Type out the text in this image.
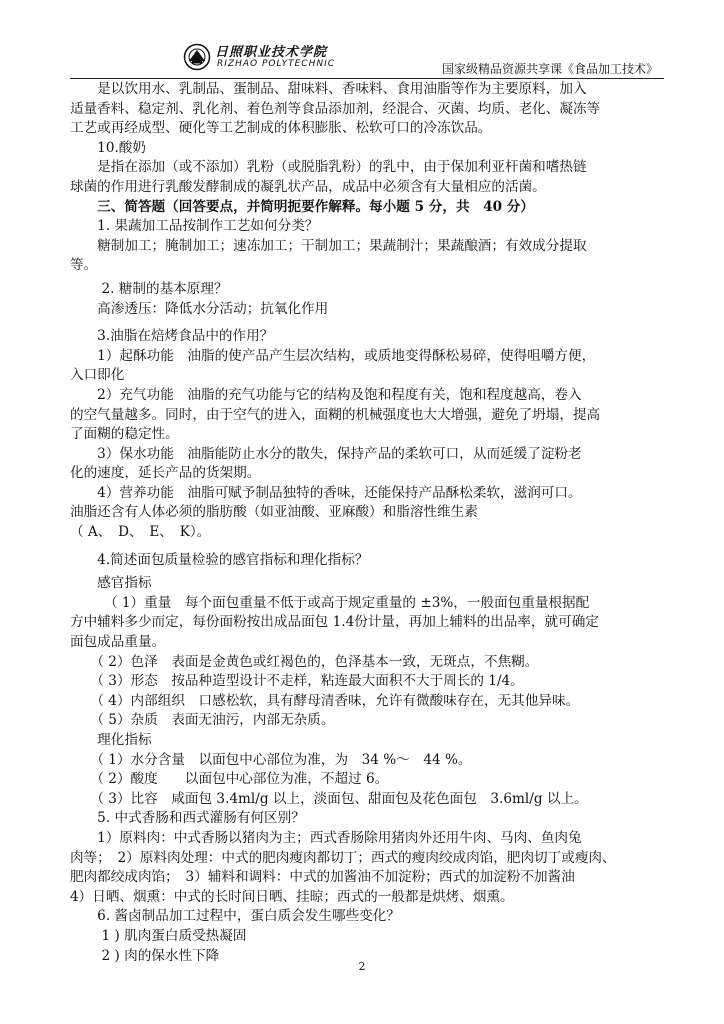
日照职业技术学院
RIZHAO POLYTECHNIC	国家级精品资源共享课《食品加工技术》

　　是以饮用水、乳制品、蛋制品、甜味料、香味料、食用油脂等作为主要原料，加入

适量香料、稳定剂、乳化剂、着色剂等食品添加剂，经混合、灭菌、均质、老化、凝冻等

工艺或再经成型、硬化等工艺制成的体积膨胀、松软可口的冷冻饮品。

　　10.酸奶

　　是指在添加（或不添加）乳粉（或脱脂乳粉）的乳中，由于保加利亚杆菌和嗜热链

球菌的作用进行乳酸发酵制成的凝乳状产品，成品中必须含有大量相应的活菌。

　　三、简答题（回答要点，并简明扼要作解释。每小题 5 分，共　40 分）

　　1. 果蔬加工品按制作工艺如何分类？

　　糖制加工；腌制加工；速冻加工；干制加工；果蔬制汁；果蔬酿酒；有效成分提取

等。

　　 2. 糖制的基本原理？

　　高渗透压：降低水分活动；抗氧化作用

　　3.油脂在焙烤食品中的作用？

　　1）起酥功能　油脂的使产品产生层次结构，或质地变得酥松易碎，使得咀嚼方便，

入口即化

　　2）充气功能　油脂的充气功能与它的结构及饱和程度有关，饱和程度越高，卷入

的空气量越多。同时，由于空气的进入，面糊的机械强度也大大增强，避免了坍塌，提高

了面糊的稳定性。

　　3）保水功能　油脂能防止水分的散失，保持产品的柔软可口，从而延缓了淀粉老

化的速度，延长产品的货架期。

　　4）营养功能　油脂可赋予制品独特的香味，还能保持产品酥松柔软，滋润可口。

油脂还含有人体必须的脂肪酸（如亚油酸、亚麻酸）和脂溶性维生素

（ A、　D、　E、　K）。

　　4.简述面包质量检验的感官指标和理化指标？

　　感官指标

　　　（ 1）重量　每个面包重量不低于或高于规定重量的 ±3%，一般面包重量根据配

方中辅料多少而定，每份面粉按出成品面包 1.4份计量，再加上辅料的出品率，就可确定

面包成品重量。

　　（ 2）色泽　表面是金黄色或红褐色的，色泽基本一致，无斑点，不焦糊。

　　（ 3）形态　按品种造型设计不走样，粘连最大面积不大于周长的 1/4。

　　（ 4）内部组织　口感松软，具有酵母清香味，允许有微酸味存在，无其他异味。

　　（ 5）杂质　表面无油污，内部无杂质。

　　理化指标

　　（ 1）水分含量　以面包中心部位为准，为　34 %～　44 %。

　　（ 2）酸度　　以面包中心部位为准，不超过 6。

　　（ 3）比容　咸面包 3.4ml/g 以上，淡面包、甜面包及花色面包　3.6ml/g 以上。

　　5. 中式香肠和西式灌肠有何区别？

　　1）原料肉：中式香肠以猪肉为主；西式香肠除用猪肉外还用牛肉、马肉、鱼肉兔

肉等；　2）原料肉处理：中式的肥肉瘦肉都切丁；西式的瘦肉绞成肉馅，肥肉切丁或瘦肉、

肥肉都绞成肉馅；　3）辅料和调料：中式的加酱油不加淀粉；西式的加淀粉不加酱油

4）日晒、烟熏：中式的长时间日晒、挂晾；西式的一般都是烘烤、烟熏。

　　6. 酱卤制品加工过程中，蛋白质会发生哪些变化？

　　 1 ) 肌肉蛋白质受热凝固

　　 2 ) 肉的保水性下降

2
